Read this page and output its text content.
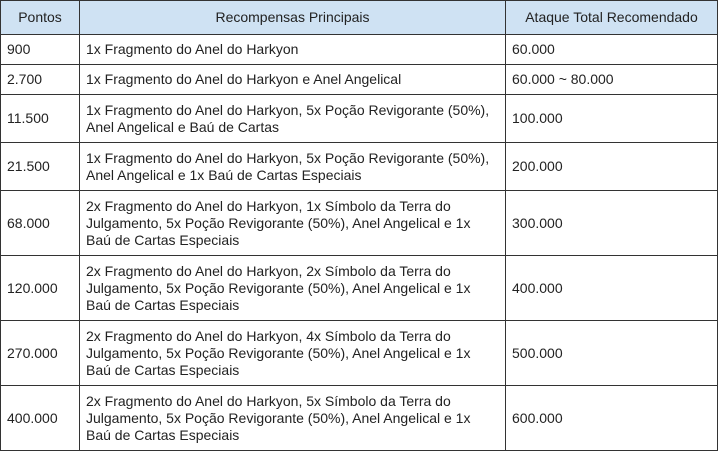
Pontos	Recompensas Principais	Ataque Total Recomendado
900	1x Fragmento do Anel do Harkyon	60.000
2.700	1x Fragmento do Anel do Harkyon e Anel Angelical	60.000 ~ 80.000
11.500	1x Fragmento do Anel do Harkyon, 5x Poção Revigorante (50%), Anel Angelical e Baú de Cartas	100.000
21.500	1x Fragmento do Anel do Harkyon, 5x Poção Revigorante (50%), Anel Angelical e 1x Baú de Cartas Especiais	200.000
68.000	2x Fragmento do Anel do Harkyon, 1x Símbolo da Terra do Julgamento, 5x Poção Revigorante (50%), Anel Angelical e 1x Baú de Cartas Especiais	300.000
120.000	2x Fragmento do Anel do Harkyon, 2x Símbolo da Terra do Julgamento, 5x Poção Revigorante (50%), Anel Angelical e 1x Baú de Cartas Especiais	400.000
270.000	2x Fragmento do Anel do Harkyon, 4x Símbolo da Terra do Julgamento, 5x Poção Revigorante (50%), Anel Angelical e 1x Baú de Cartas Especiais	500.000
400.000	2x Fragmento do Anel do Harkyon, 5x Símbolo da Terra do Julgamento, 5x Poção Revigorante (50%), Anel Angelical e 1x Baú de Cartas Especiais	600.000
